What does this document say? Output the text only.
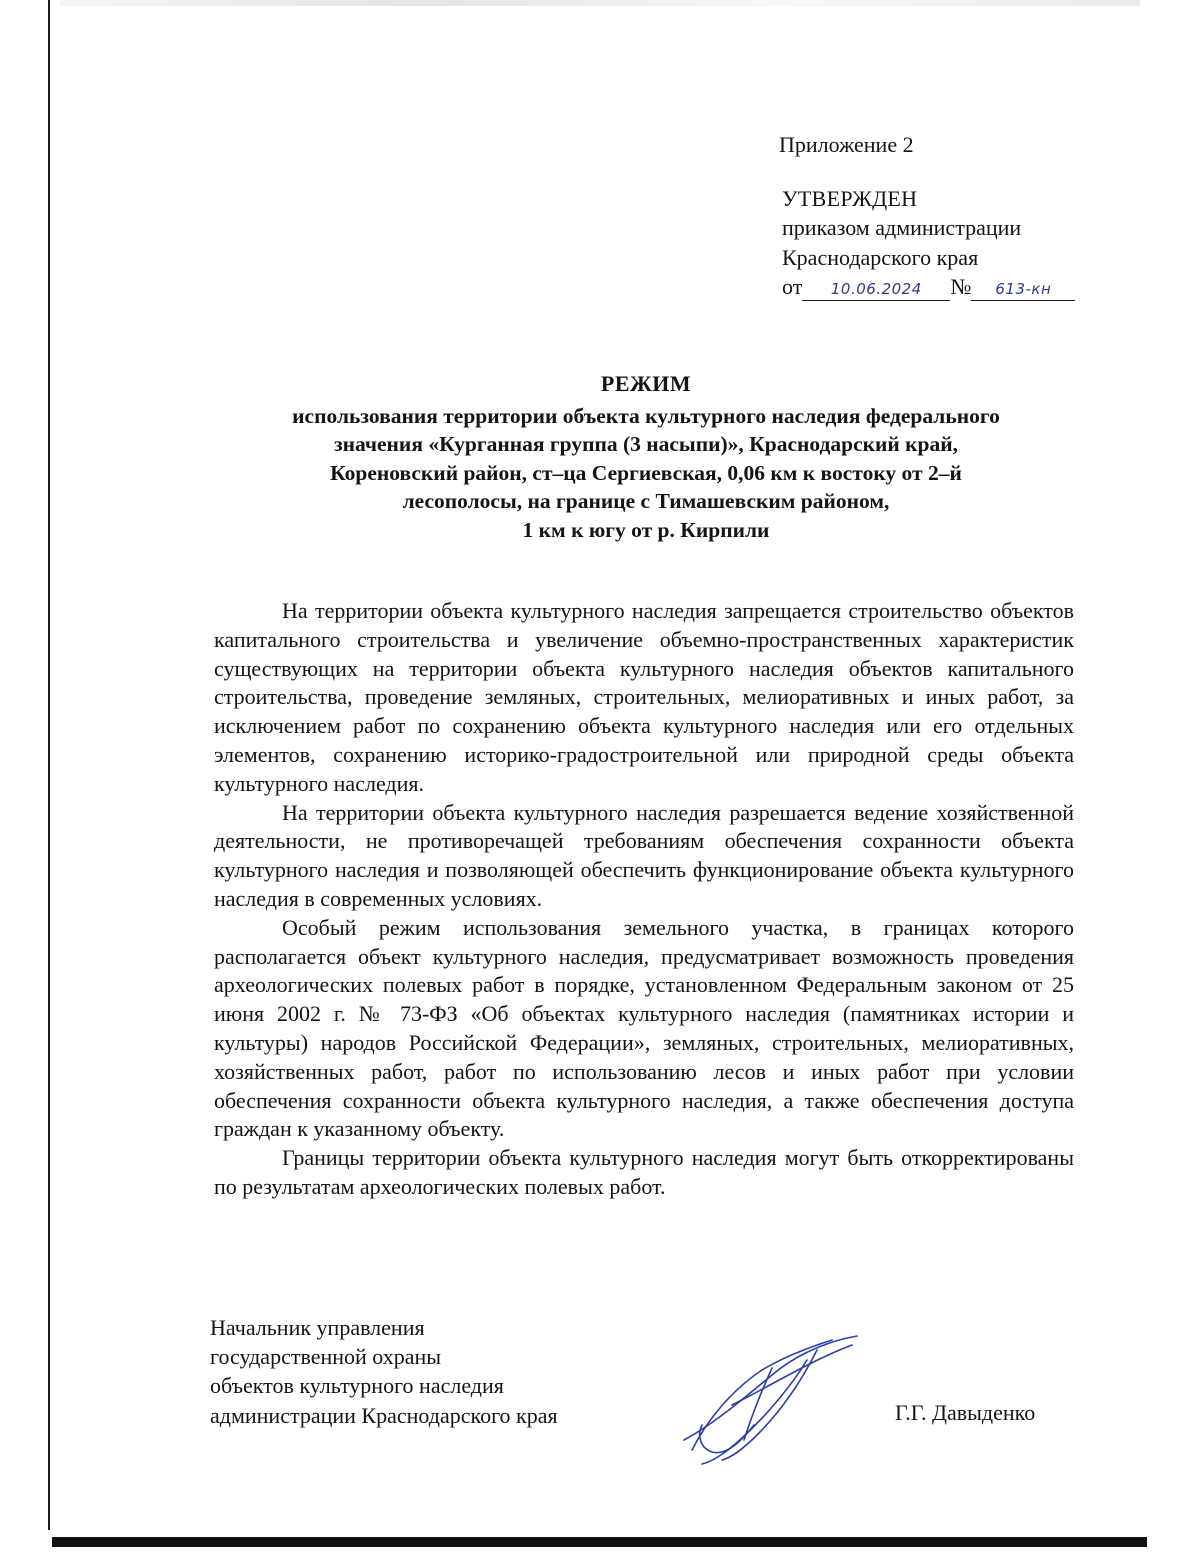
Приложение 2
УТВЕРЖДЕН
приказом администрации
Краснодарского края
от 10.06.2024 № 613-кн
РЕЖИМ
использования территории объекта культурного наследия федерального
значения «Курганная группа (3 насыпи)», Краснодарский край,
Кореновский район, ст–ца Сергиевская, 0,06 км к востоку от 2–й
лесополосы, на границе с Тимашевским районом,
1 км к югу от р. Кирпили

На территории объекта культурного наследия запрещается строительство объектов капитального строительства и увеличение объемно-пространственных характеристик существующих на территории объекта культурного наследия объектов капитального строительства, проведение земляных, строительных, мелиоративных и иных работ, за исключением работ по сохранению объекта культурного наследия или его отдельных элементов, сохранению историко-градостроительной или природной среды объекта культурного наследия.

На территории объекта культурного наследия разрешается ведение хозяйственной деятельности, не противоречащей требованиям обеспечения сохранности объекта культурного наследия и позволяющей обеспечить функционирование объекта культурного наследия в современных условиях.

Особый режим использования земельного участка, в границах которого располагается объект культурного наследия, предусматривает возможность проведения археологических полевых работ в порядке, установленном Федеральным законом от 25 июня 2002 г. № 73-ФЗ «Об объектах культурного наследия (памятниках истории и культуры) народов Российской Федерации», земляных, строительных, мелиоративных, хозяйственных работ, работ по использованию лесов и иных работ при условии обеспечения сохранности объекта культурного наследия, а также обеспечения доступа граждан к указанному объекту.

Границы территории объекта культурного наследия могут быть откорректированы по результатам археологических полевых работ.

Начальник управления
государственной охраны
объектов культурного наследия
администрации Краснодарского края	Г.Г. Давыденко
